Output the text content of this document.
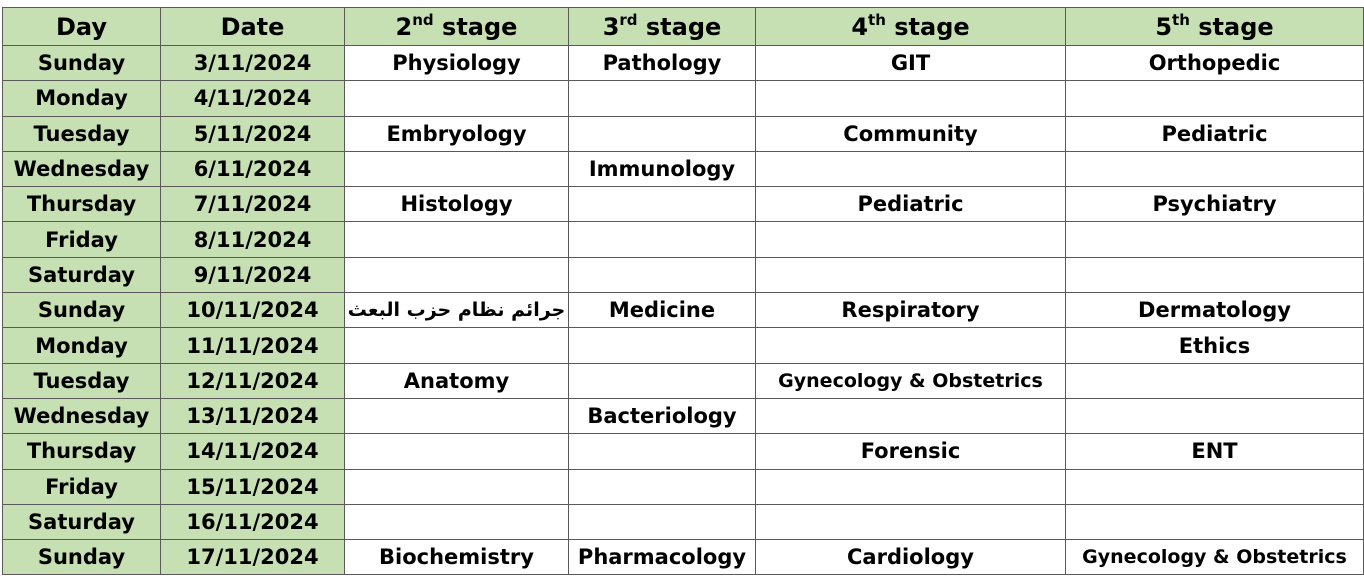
Day	Date	2nd stage	3rd stage	4th stage	5th stage
Sunday	3/11/2024	Physiology	Pathology	GIT	Orthopedic
Monday	4/11/2024				
Tuesday	5/11/2024	Embryology		Community	Pediatric
Wednesday	6/11/2024		Immunology		
Thursday	7/11/2024	Histology		Pediatric	Psychiatry
Friday	8/11/2024				
Saturday	9/11/2024				
Sunday	10/11/2024	جرائم نظام حزب البعث	Medicine	Respiratory	Dermatology
Monday	11/11/2024				Ethics
Tuesday	12/11/2024	Anatomy		Gynecology & Obstetrics	
Wednesday	13/11/2024		Bacteriology		
Thursday	14/11/2024			Forensic	ENT
Friday	15/11/2024				
Saturday	16/11/2024				
Sunday	17/11/2024	Biochemistry	Pharmacology	Cardiology	Gynecology & Obstetrics
